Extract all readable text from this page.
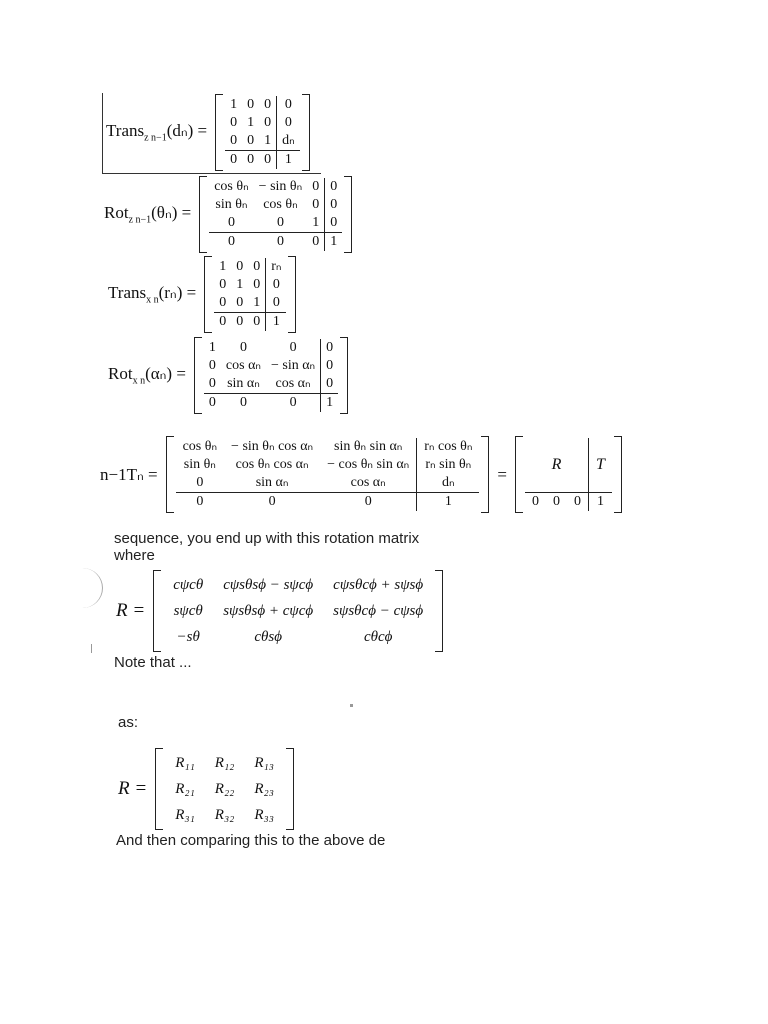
Trans$_{z n-1}$(dₙ) =
1	0	0	0
0	1	0	0
0	0	1	dₙ
0	0	0	1
Rot$_{z n-1}$(θₙ) =
cos θₙ	− sin θₙ	0	0
sin θₙ	cos θₙ	0	0
0	0	1	0
0	0	0	1
Trans$_{x n}$(rₙ) =
1	0	0	rₙ
0	1	0	0
0	0	1	0
0	0	0	1
Rot$_{x n}$(αₙ) =
1	0	0	0
0	cos αₙ	− sin αₙ	0
0	sin αₙ	cos αₙ	0
0	0	0	1
n−1Tₙ =
cos θₙ	− sin θₙ cos αₙ	sin θₙ sin αₙ	rₙ cos θₙ
sin θₙ	cos θₙ cos αₙ	− cos θₙ sin αₙ	rₙ sin θₙ
0	sin αₙ	cos αₙ	dₙ
0	0	0	1
=	R			T
0	0	0	1
sequence, you end up with this rotation matrix where
R =
cψcθ	cψsθsϕ − sψcϕ	cψsθcϕ + sψsϕ
sψcθ	sψsθsϕ + cψcϕ	sψsθcϕ − cψsϕ
−sθ	cθsϕ	cθcϕ
Note that ...
as:
R =
R₁₁	R₁₂	R₁₃
R₂₁	R₂₂	R₂₃
R₃₁	R₃₂	R₃₃
And then comparing this to the above de
